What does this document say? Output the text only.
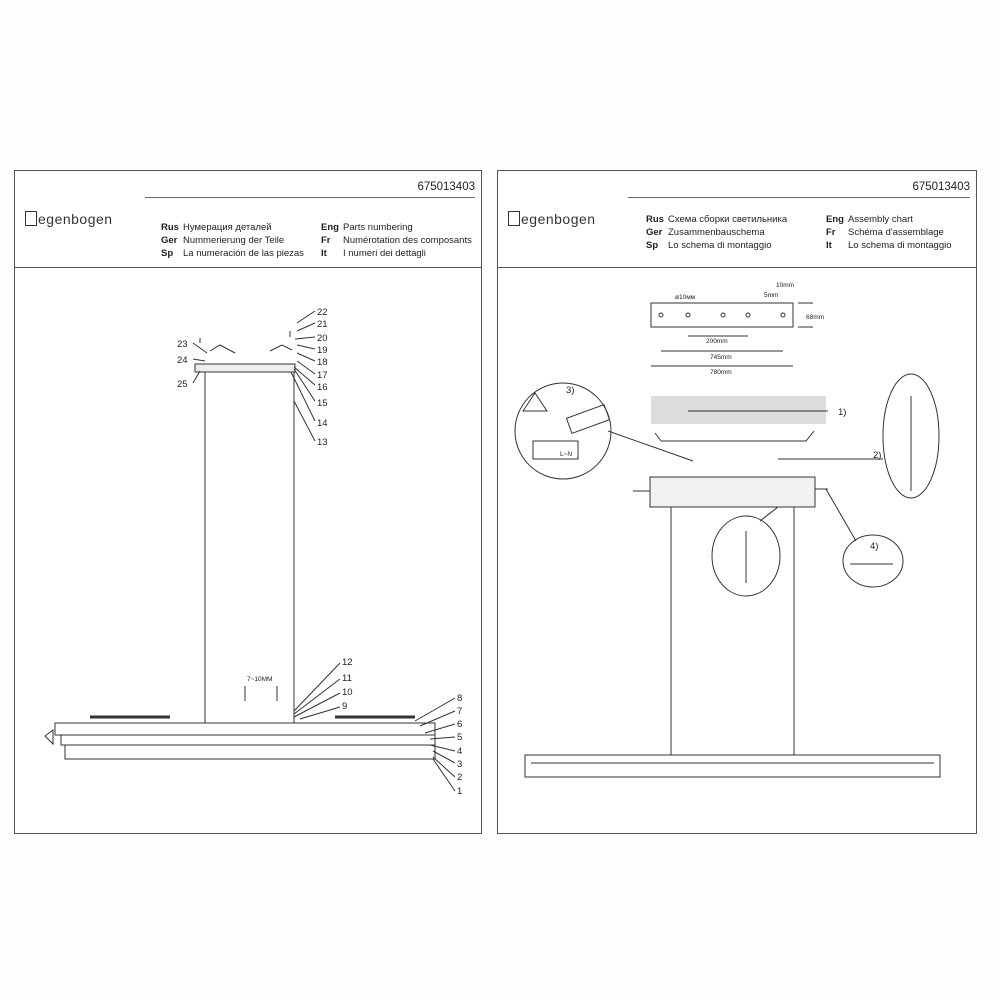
675013403
egenbogen
Rus Нумерация деталей
Ger Nummerierung der Teile
Sp La numeración de las piezas
Eng Parts numbering
Fr Numérotation des composants
It I numeri dei dettagli
22
21
20
19
18
17
16
15
14
13
23
24
25
12
11
10
9
8
7
6
5
4
3
2
1
7~10MM
675013403
egenbogen	Rus Схема сборки светильника
Ger Zusammenbauschema
Sp Lo schema di montaggio
Eng Assembly chart
Fr Schéma d'assemblage
It Lo schema di montaggio
ø10мм
10mm
5mm
68mm
200mm
745mm
780mm
1)
2)
3)
4)
L~N
